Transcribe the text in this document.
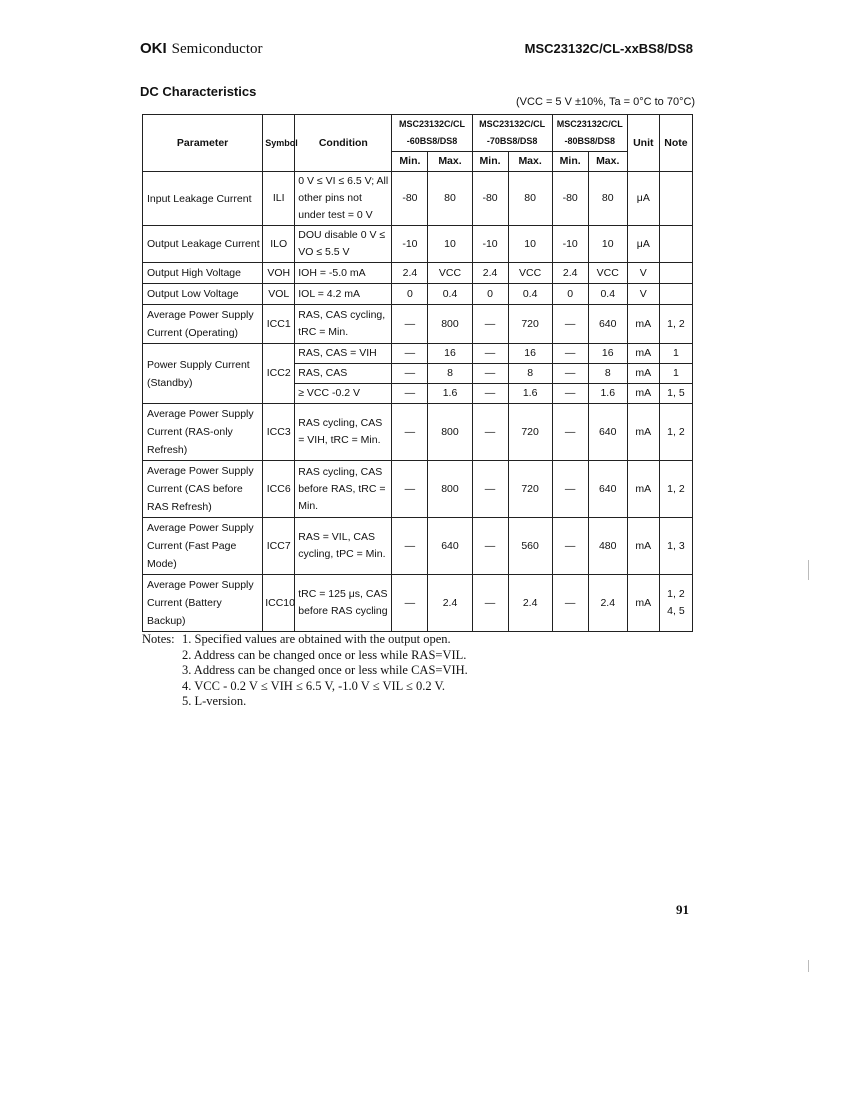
OKI Semiconductor	MSC23132C/CL-xxBS8/DS8
DC Characteristics
(VCC = 5 V ±10%, Ta = 0°C to 70°C)
Parameter	Symbol	Condition	MSC23132C/CL -60BS8/DS8		MSC23132C/CL -70BS8/DS8		MSC23132C/CL -80BS8/DS8		Unit	Note
			Min.	Max.	Min.	Max.	Min.	Max.		
Input Leakage Current	ILI	0 V ≤ VI ≤ 6.5 V; All other pins not under test = 0 V	-80	80	-80	80	-80	80	μA	
Output Leakage Current	ILO	DOU disable 0 V ≤ VO ≤ 5.5 V	-10	10	-10	10	-10	10	μA	
Output High Voltage	VOH	IOH = -5.0 mA	2.4	VCC	2.4	VCC	2.4	VCC	V	
Output Low Voltage	VOL	IOL = 4.2 mA	0	0.4	0	0.4	0	0.4	V	
Average Power Supply Current (Operating)	ICC1	RAS, CAS cycling, tRC = Min.	—	800	—	720	—	640	mA	1, 2
Power Supply Current (Standby)	ICC2	RAS, CAS = VIH	—	16	—	16	—	16	mA	1
		RAS, CAS	—	8	—	8	—	8	mA	1
		≥ VCC -0.2 V	—	1.6	—	1.6	—	1.6	mA	1, 5
Average Power Supply Current (RAS-only Refresh)	ICC3	RAS cycling, CAS = VIH, tRC = Min.	—	800	—	720	—	640	mA	1, 2
Average Power Supply Current (CAS before RAS Refresh)	ICC6	RAS cycling, CAS before RAS, tRC = Min.	—	800	—	720	—	640	mA	1, 2
Average Power Supply Current (Fast Page Mode)	ICC7	RAS = VIL, CAS cycling, tPC = Min.	—	640	—	560	—	480	mA	1, 3
Average Power Supply Current (Battery Backup)	ICC10	tRC = 125 μs, CAS before RAS cycling	—	2.4	—	2.4	—	2.4	mA	1, 2 4, 5
Notes: 1. Specified values are obtained with the output open.
2. Address can be changed once or less while RAS=VIL.
3. Address can be changed once or less while CAS=VIH.
4. VCC - 0.2 V ≤ VIH ≤ 6.5 V, -1.0 V ≤ VIL ≤ 0.2 V.
5. L-version.
91
